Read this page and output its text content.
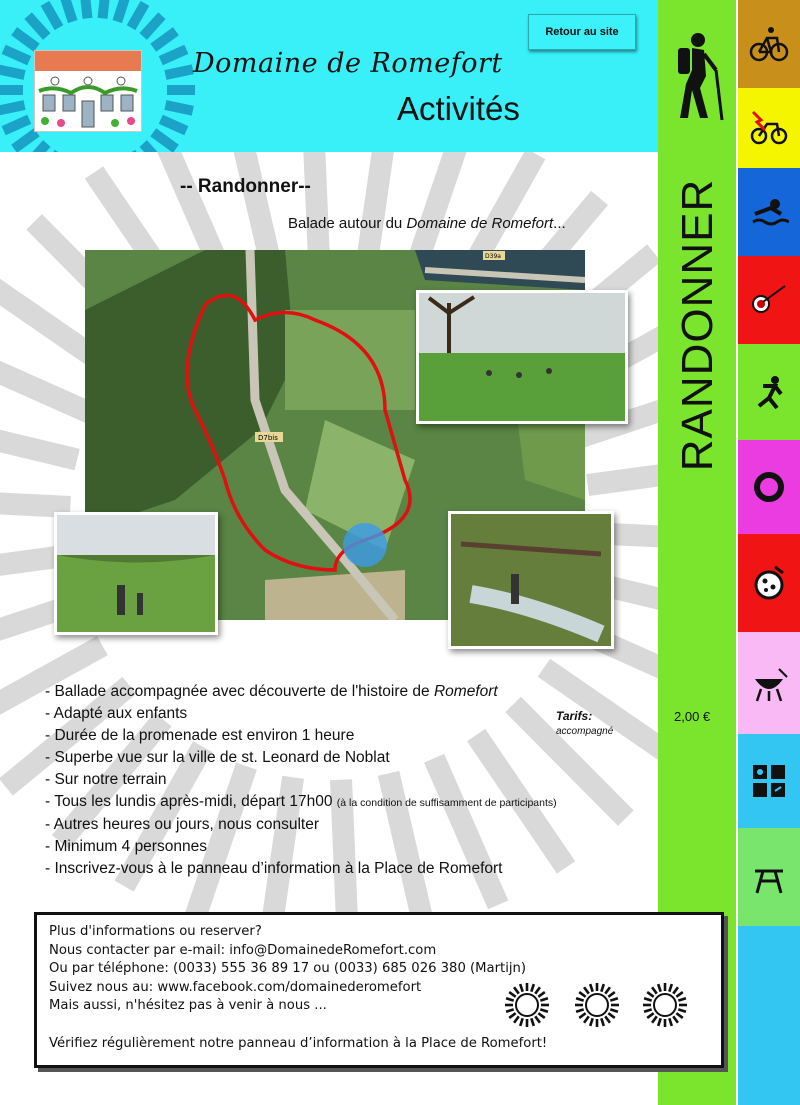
Domaine de Romefort
Activités
Retour au site
RANDONNER
2,00 €
-- Randonner--
Balade autour du Domaine de Romefort...
D7bis
D39a
- Ballade accompagnée avec découverte de l'histoire de Romefort
- Adapté aux enfants
- Durée de la promenade est environ 1 heure
- Superbe vue sur la ville de st. Leonard de Noblat
- Sur notre terrain
- Tous les lundis après-midi, départ 17h00 (à la condition de suffisamment de participants)
- Autres heures ou jours, nous consulter
- Minimum 4 personnes
- Inscrivez-vous à le panneau d’information à la Place de Romefort
Tarifs:
accompagné
Plus d'informations ou reserver?
Nous contacter par e-mail: info@DomainedeRomefort.com
Ou par téléphone: (0033) 555 36 89 17 ou (0033) 685 026 380 (Martijn)
Suivez nous au: www.facebook.com/domainederomefort
Mais aussi, n'hésitez pas à venir à nous ...
Vérifiez régulièrement notre panneau d’information à la Place de Romefort!
